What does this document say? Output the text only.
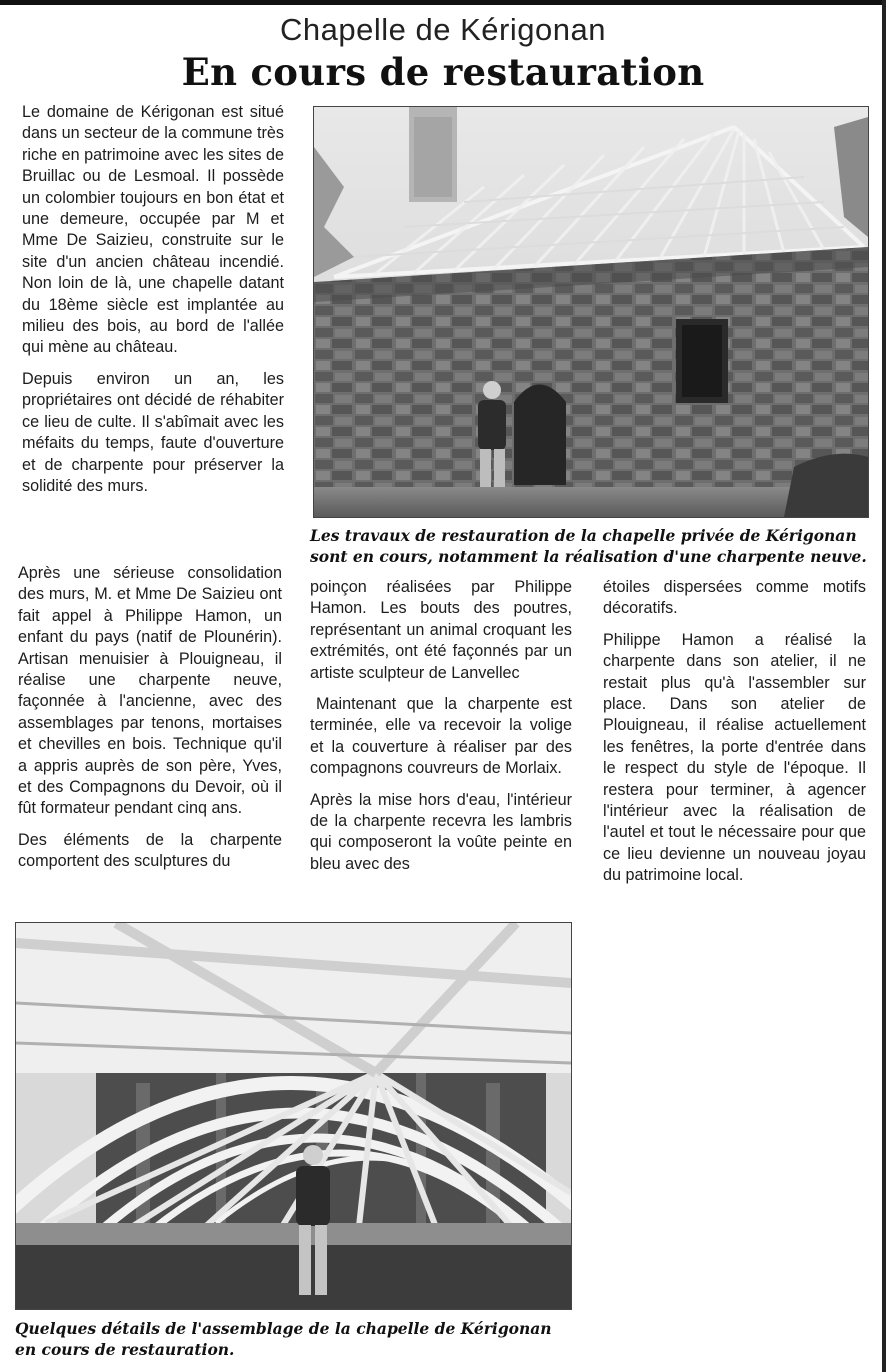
Chapelle de Kérigonan
En cours de restauration

Le domaine de Kérigonan est situé dans un secteur de la commune très riche en patrimoine avec les sites de Bruillac ou de Lesmoal. Il possède un colombier toujours en bon état et une demeure, occupée par M et Mme De Saizieu, construite sur le site d'un ancien château incendié. Non loin de là, une chapelle datant du 18ème siècle est implantée au milieu des bois, au bord de l'allée qui mène au château.

Depuis environ un an, les propriétaires ont décidé de réhabiter ce lieu de culte. Il s'abîmait avec les méfaits du temps, faute d'ouverture et de charpente pour préserver la solidité des murs.

Les travaux de restauration de la chapelle privée de Kérigonan sont en cours, notamment la réalisation d'une charpente neuve.

Après une sérieuse consolidation des murs, M. et Mme De Saizieu ont fait appel à Philippe Hamon, un enfant du pays (natif de Plounérin). Artisan menuisier à Plouigneau, il réalise une charpente neuve, façonnée à l'ancienne, avec des assemblages par tenons, mortaises et chevilles en bois. Technique qu'il a appris auprès de son père, Yves, et des Compagnons du Devoir, où il fût formateur pendant cinq ans.

Des éléments de la charpente comportent des sculptures du

poinçon réalisées par Philippe Hamon. Les bouts des poutres, représentant un animal croquant les extrémités, ont été façonnés par un artiste sculpteur de Lanvellec

Maintenant que la charpente est terminée, elle va recevoir la volige et la couverture à réaliser par des compagnons couvreurs de Morlaix.

Après la mise hors d'eau, l'intérieur de la charpente recevra les lambris qui composeront la voûte peinte en bleu avec des

étoiles dispersées comme motifs décoratifs.

Philippe Hamon a réalisé la charpente dans son atelier, il ne restait plus qu'à l'assembler sur place. Dans son atelier de Plouigneau, il réalise actuellement les fenêtres, la porte d'entrée dans le respect du style de l'époque. Il restera pour terminer, à agencer l'intérieur avec la réalisation de l'autel et tout le nécessaire pour que ce lieu devienne un nouveau joyau du patrimoine local.

Quelques détails de l'assemblage de la chapelle de Kérigonan en cours de restauration.
